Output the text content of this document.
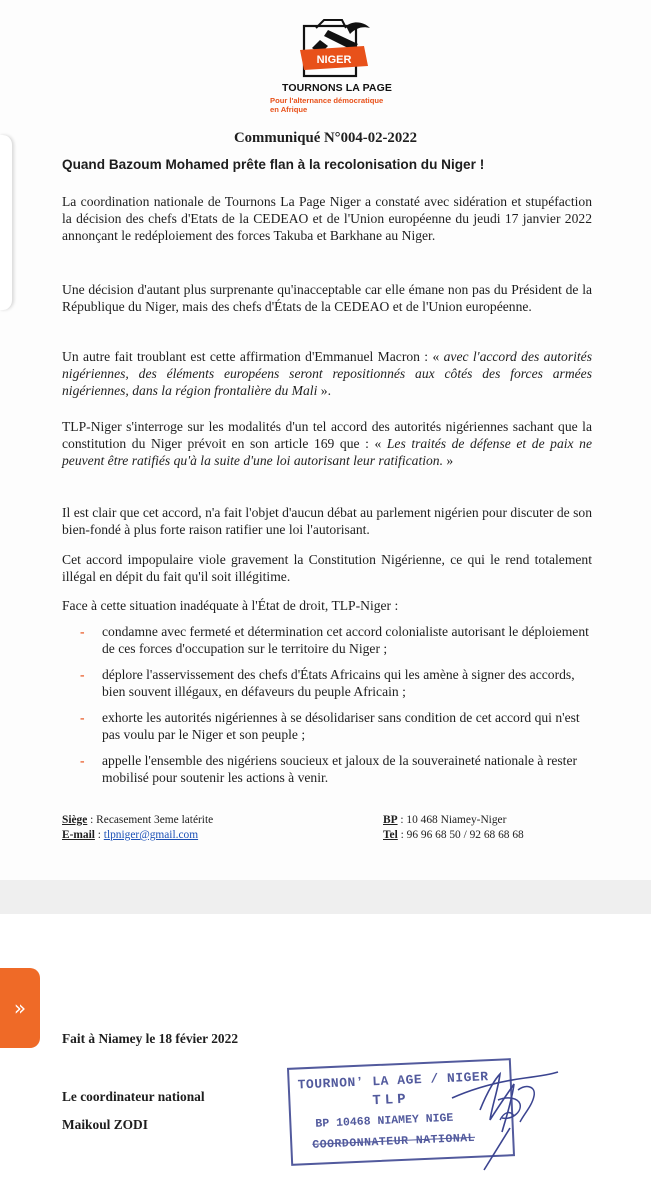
NIGER
TOURNONS LA PAGE
Pour l'alternance démocratique
en Afrique
Communiqué N°004-02-2022
Quand Bazoum Mohamed prête flan à la recolonisation du Niger !

La coordination nationale de Tournons La Page Niger a constaté avec sidération et stupéfaction la décision des chefs d'Etats de la CEDEAO et de l'Union européenne du jeudi 17 janvier 2022 annonçant le redéploiement des forces Takuba et Barkhane au Niger.

Une décision d'autant plus surprenante qu'inacceptable car elle émane non pas du Président de la République du Niger, mais des chefs d'États de la CEDEAO et de l'Union européenne.

Un autre fait troublant est cette affirmation d'Emmanuel Macron : « avec l'accord des autorités nigériennes, des éléments européens seront repositionnés aux côtés des forces armées nigériennes, dans la région frontalière du Mali ».

TLP-Niger s'interroge sur les modalités d'un tel accord des autorités nigériennes sachant que la constitution du Niger prévoit en son article 169 que : « Les traités de défense et de paix ne peuvent être ratifiés qu'à la suite d'une loi autorisant leur ratification. »

Il est clair que cet accord, n'a fait l'objet d'aucun débat au parlement nigérien pour discuter de son bien-fondé à plus forte raison ratifier une loi l'autorisant.

Cet accord impopulaire viole gravement la Constitution Nigérienne, ce qui le rend totalement illégal en dépit du fait qu'il soit illégitime.

Face à cette situation inadéquate à l'État de droit, TLP-Niger :

- condamne avec fermeté et détermination cet accord colonialiste autorisant le déploiement de ces forces d'occupation sur le territoire du Niger ;
- déplore l'asservissement des chefs d'États Africains qui les amène à signer des accords, bien souvent illégaux, en défaveurs du peuple Africain ;
- exhorte les autorités nigériennes à se désolidariser sans condition de cet accord qui n'est pas voulu par le Niger et son peuple ;
- appelle l'ensemble des nigériens soucieux et jaloux de la souveraineté nationale à rester mobilisé pour soutenir les actions à venir.
Siège : Recasement 3eme latérite
E-mail : tlpniger@gmail.com
BP : 10 468 Niamey-Niger
Tel : 96 96 68 50 / 92 68 68 68
»
Fait à Niamey le 18 févier 2022
Le coordinateur national
Maikoul ZODI
TOURNONʼ LA AGE / NIGER
TLP
BP 10468 NIAMEY NIGE
COORDONNATEUR NATIONAL
